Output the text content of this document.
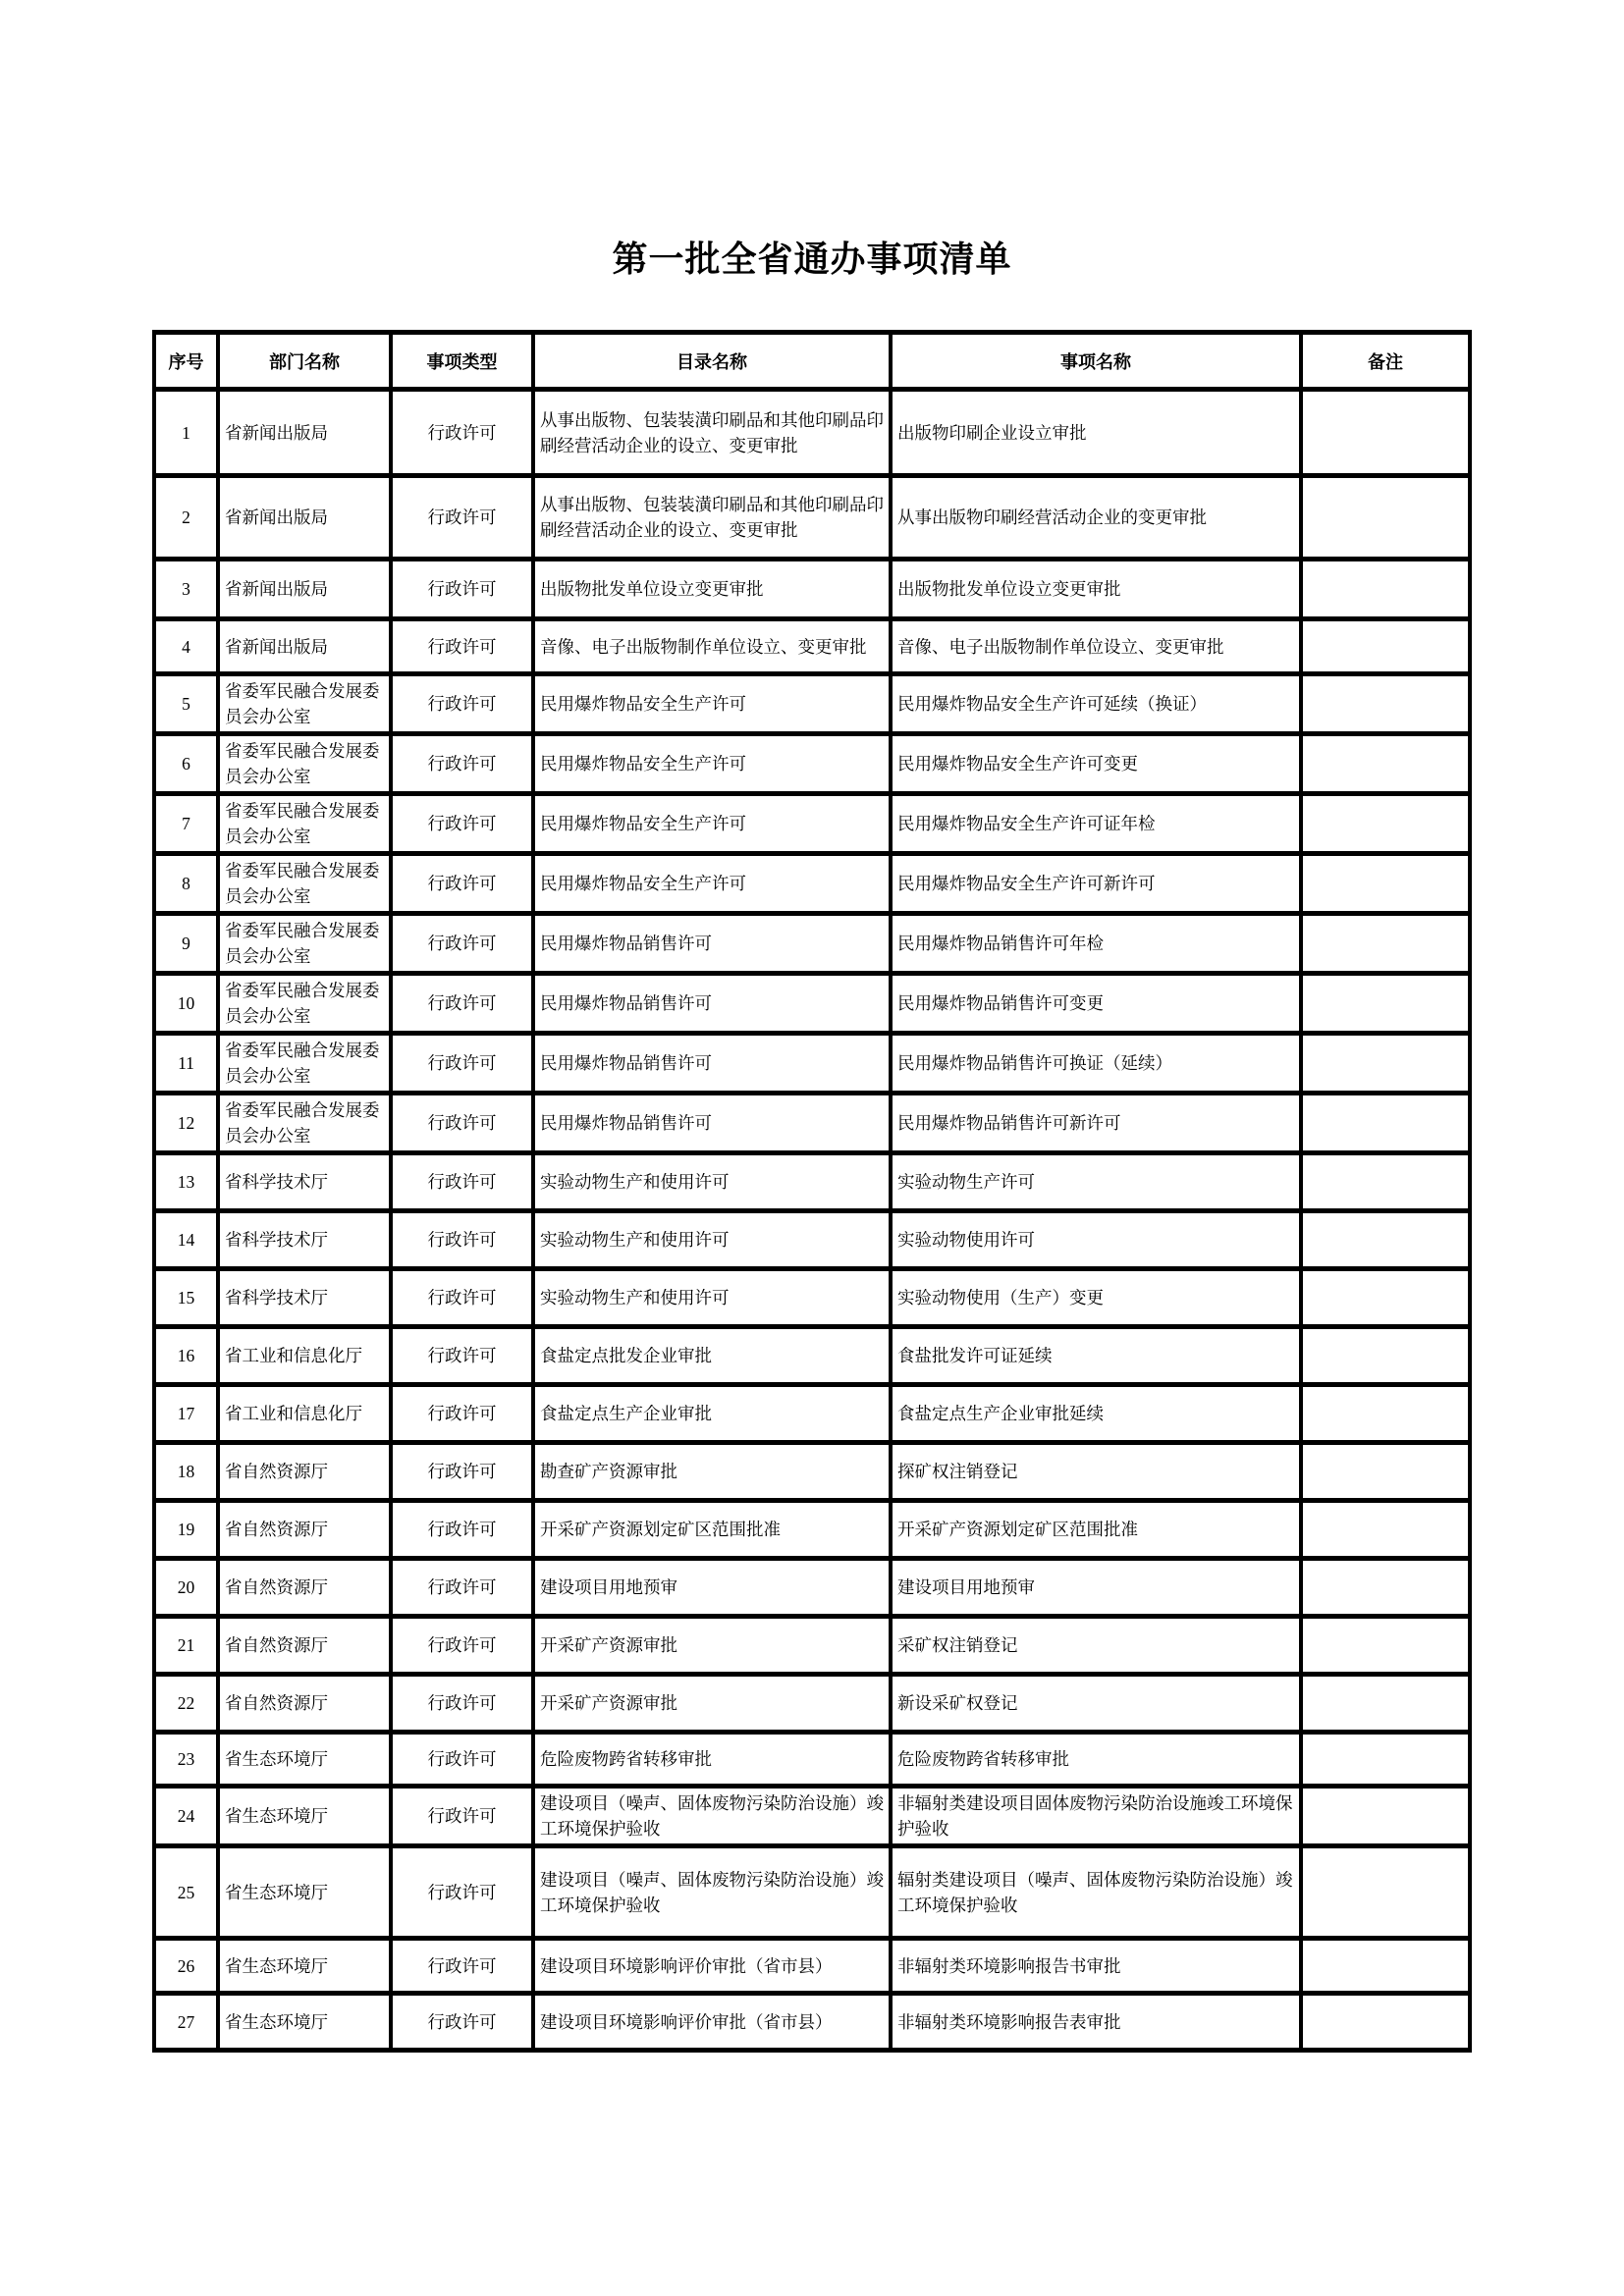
第一批全省通办事项清单
序号	部门名称	事项类型	目录名称	事项名称	备注
1	省新闻出版局	行政许可	从事出版物、包装装潢印刷品和其他印刷品印刷经营活动企业的设立、变更审批	出版物印刷企业设立审批	
2	省新闻出版局	行政许可	从事出版物、包装装潢印刷品和其他印刷品印刷经营活动企业的设立、变更审批	从事出版物印刷经营活动企业的变更审批	
3	省新闻出版局	行政许可	出版物批发单位设立变更审批	出版物批发单位设立变更审批	
4	省新闻出版局	行政许可	音像、电子出版物制作单位设立、变更审批	音像、电子出版物制作单位设立、变更审批	
5	省委军民融合发展委员会办公室	行政许可	民用爆炸物品安全生产许可	民用爆炸物品安全生产许可延续（换证）	
6	省委军民融合发展委员会办公室	行政许可	民用爆炸物品安全生产许可	民用爆炸物品安全生产许可变更	
7	省委军民融合发展委员会办公室	行政许可	民用爆炸物品安全生产许可	民用爆炸物品安全生产许可证年检	
8	省委军民融合发展委员会办公室	行政许可	民用爆炸物品安全生产许可	民用爆炸物品安全生产许可新许可	
9	省委军民融合发展委员会办公室	行政许可	民用爆炸物品销售许可	民用爆炸物品销售许可年检	
10	省委军民融合发展委员会办公室	行政许可	民用爆炸物品销售许可	民用爆炸物品销售许可变更	
11	省委军民融合发展委员会办公室	行政许可	民用爆炸物品销售许可	民用爆炸物品销售许可换证（延续）	
12	省委军民融合发展委员会办公室	行政许可	民用爆炸物品销售许可	民用爆炸物品销售许可新许可	
13	省科学技术厅	行政许可	实验动物生产和使用许可	实验动物生产许可	
14	省科学技术厅	行政许可	实验动物生产和使用许可	实验动物使用许可	
15	省科学技术厅	行政许可	实验动物生产和使用许可	实验动物使用（生产）变更	
16	省工业和信息化厅	行政许可	食盐定点批发企业审批	食盐批发许可证延续	
17	省工业和信息化厅	行政许可	食盐定点生产企业审批	食盐定点生产企业审批延续	
18	省自然资源厅	行政许可	勘查矿产资源审批	探矿权注销登记	
19	省自然资源厅	行政许可	开采矿产资源划定矿区范围批准	开采矿产资源划定矿区范围批准	
20	省自然资源厅	行政许可	建设项目用地预审	建设项目用地预审	
21	省自然资源厅	行政许可	开采矿产资源审批	采矿权注销登记	
22	省自然资源厅	行政许可	开采矿产资源审批	新设采矿权登记	
23	省生态环境厅	行政许可	危险废物跨省转移审批	危险废物跨省转移审批	
24	省生态环境厅	行政许可	建设项目（噪声、固体废物污染防治设施）竣工环境保护验收	非辐射类建设项目固体废物污染防治设施竣工环境保护验收	
25	省生态环境厅	行政许可	建设项目（噪声、固体废物污染防治设施）竣工环境保护验收	辐射类建设项目（噪声、固体废物污染防治设施）竣工环境保护验收	
26	省生态环境厅	行政许可	建设项目环境影响评价审批（省市县）	非辐射类环境影响报告书审批	
27	省生态环境厅	行政许可	建设项目环境影响评价审批（省市县）	非辐射类环境影响报告表审批	
